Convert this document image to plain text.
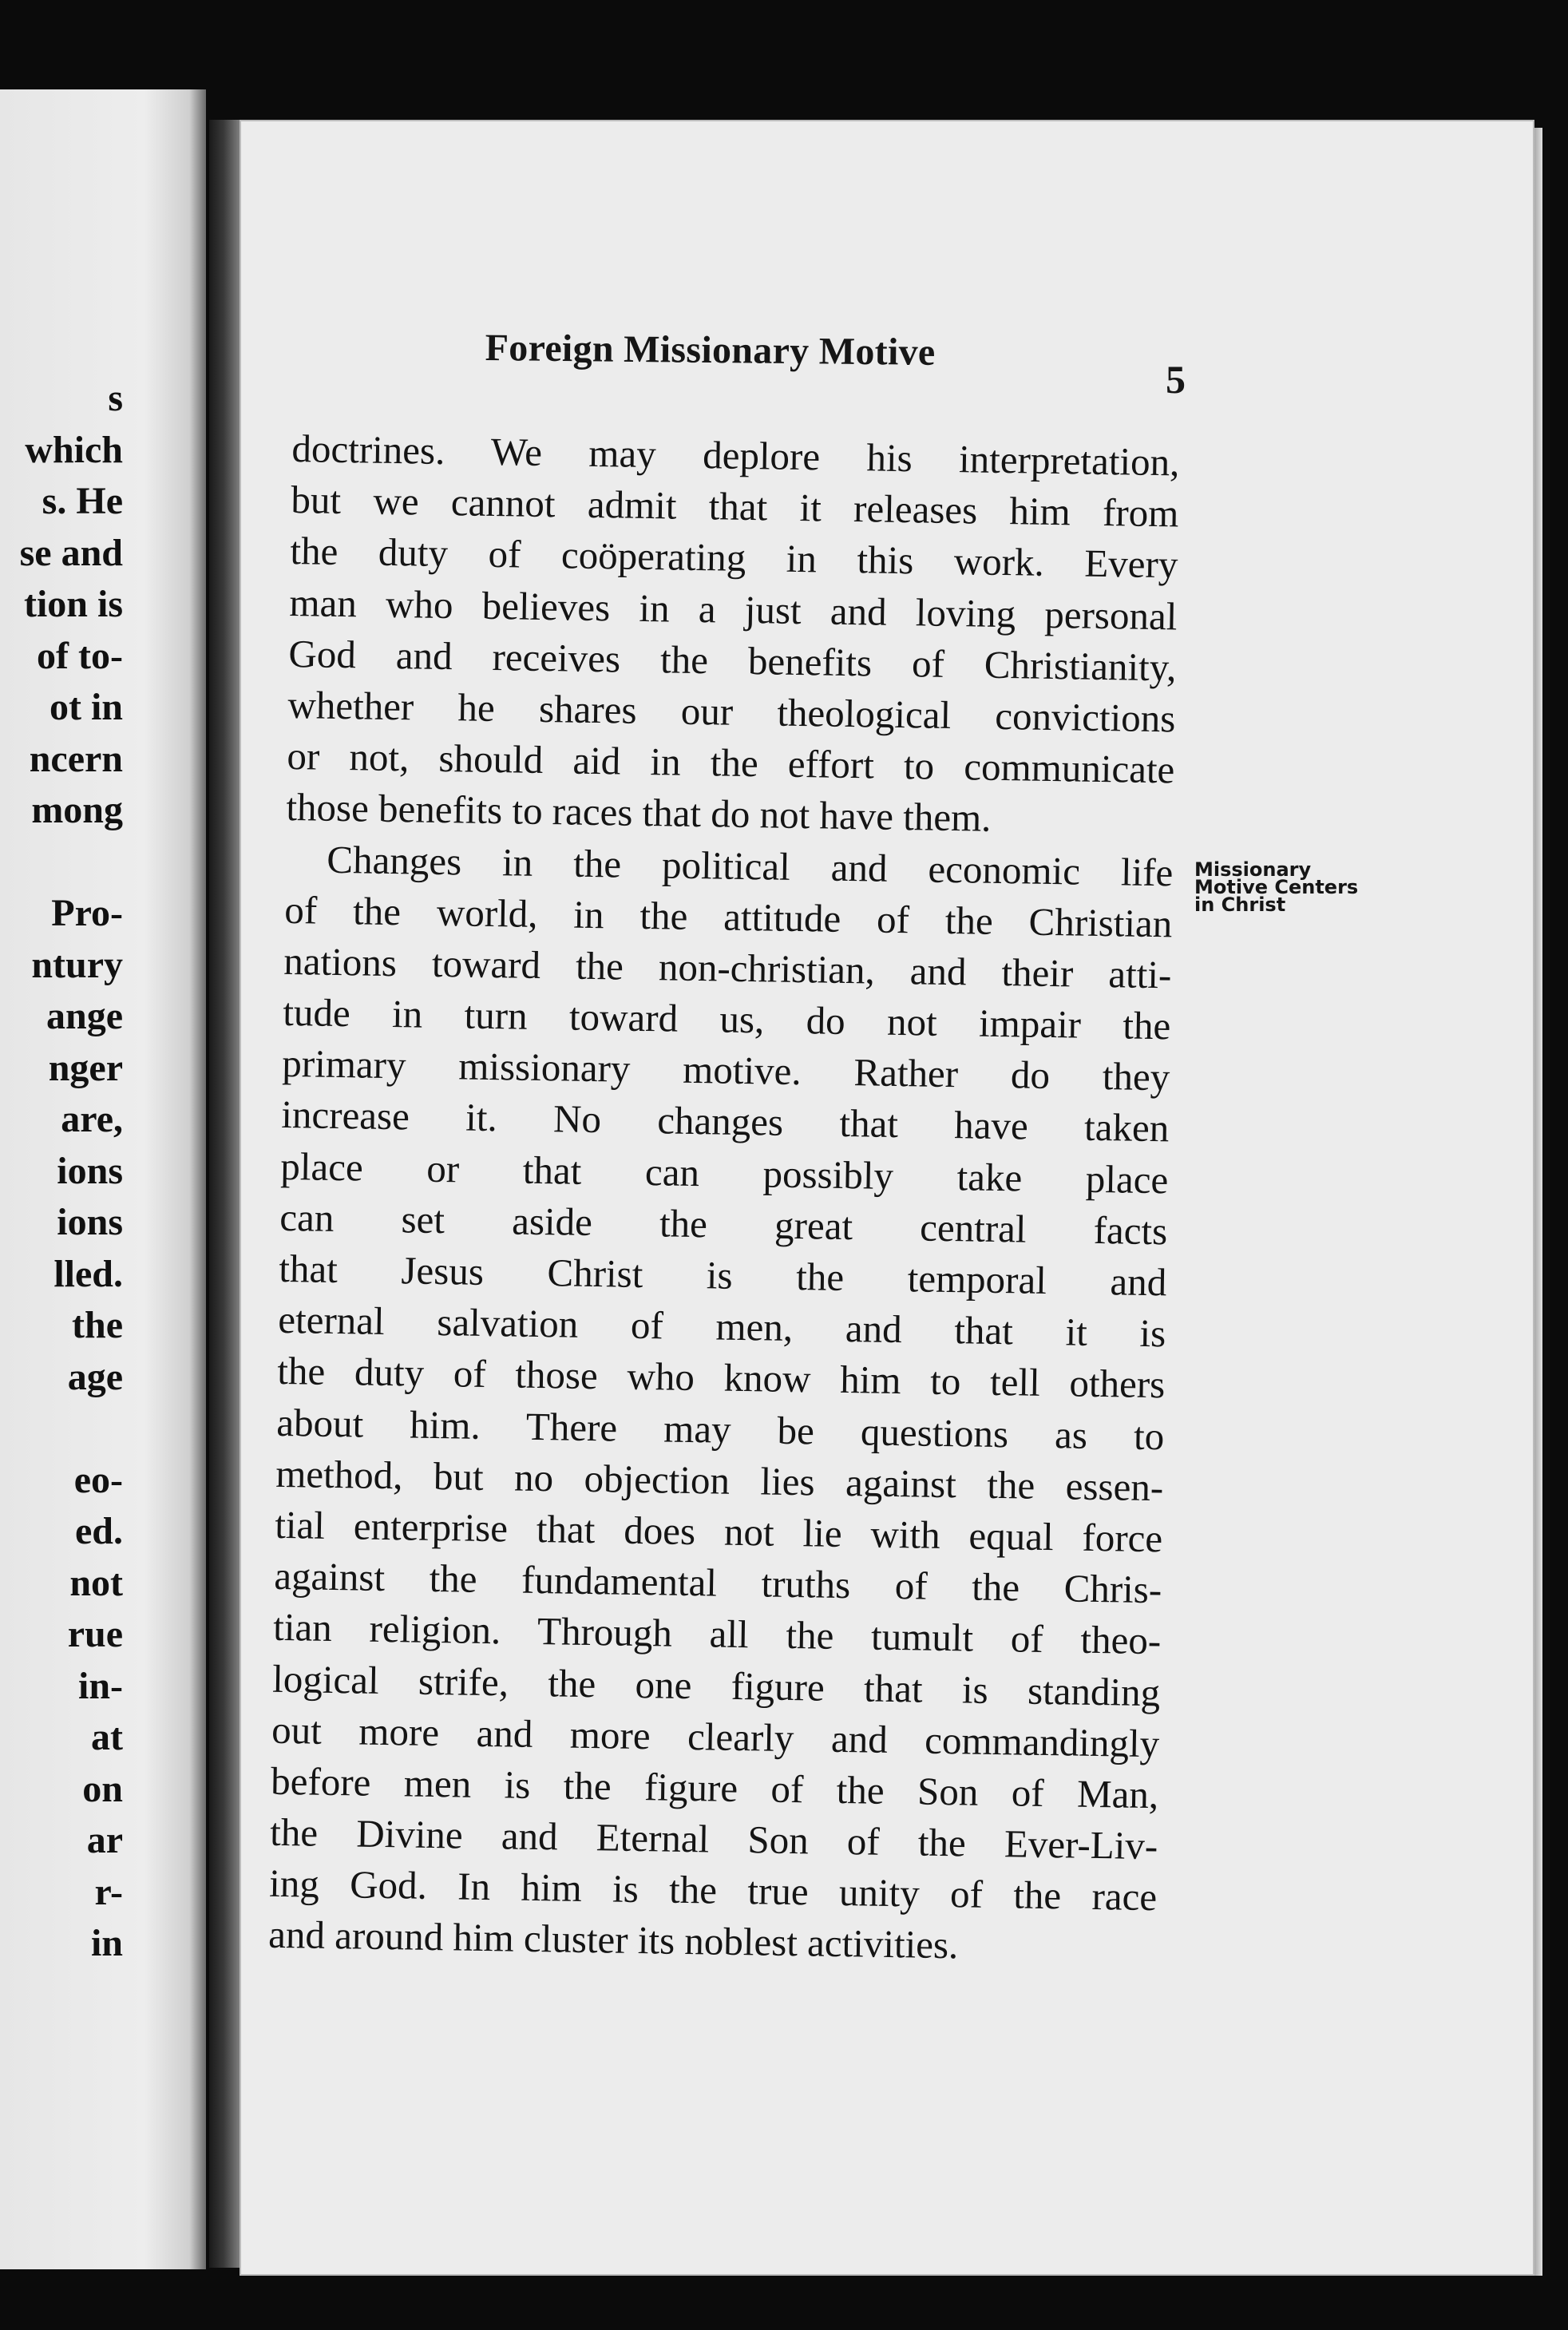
s
which
s. He
se and
tion is
of to-
ot in
ncern
mong
Pro-
ntury
ange
nger
are,
ions
ions
lled.
the
age
eo-
ed.
not
rue
in-
at
on
ar
r-
in
Foreign Missionary Motive
5
doctrines. We may deplore his interpretation,
but we cannot admit that it releases him from
the duty of coöperating in this work. Every
man who believes in a just and loving personal
God and receives the benefits of Christianity,
whether he shares our theological convictions
or not, should aid in the effort to communicate
those benefits to races that do not have them.
Changes in the political and economic life
of the world, in the attitude of the Christian
nations toward the non-christian, and their atti-
tude in turn toward us, do not impair the
primary missionary motive. Rather do they
increase it. No changes that have taken
place or that can possibly take place
can set aside the great central facts
that Jesus Christ is the temporal and
eternal salvation of men, and that it is
the duty of those who know him to tell others
about him. There may be questions as to
method, but no objection lies against the essen-
tial enterprise that does not lie with equal force
against the fundamental truths of the Chris-
tian religion. Through all the tumult of theo-
logical strife, the one figure that is standing
out more and more clearly and commandingly
before men is the figure of the Son of Man,
the Divine and Eternal Son of the Ever-Liv-
ing God. In him is the true unity of the race
and around him cluster its noblest activities.
Missionary
Motive Centers
in Christ
